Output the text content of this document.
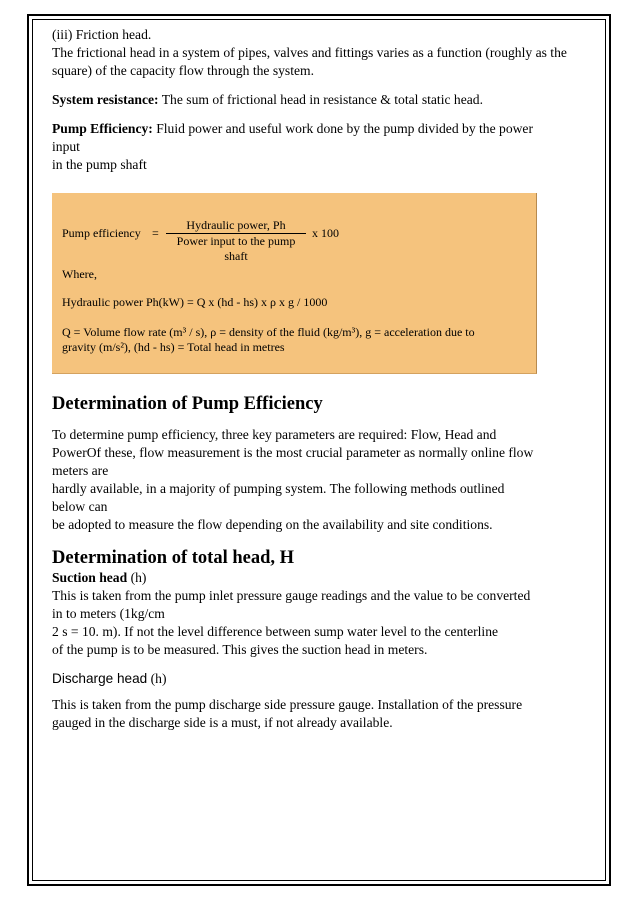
(iii) Friction head.

The frictional head in a system of pipes, valves and fittings varies as a function (roughly as the square) of the capacity flow through the system.

System resistance: The sum of frictional head in resistance & total static head.

Pump Efficiency: Fluid power and useful work done by the pump divided by the power

input

in the pump shaft

Pump efficiency =
Hydraulic power, Ph
Power input to the pump shaft
x 100
Where,
Hydraulic power Ph(kW) = Q x (hd - hs) x ρ x g / 1000
Q = Volume flow rate (m³ / s), ρ = density of the fluid (kg/m³), g = acceleration due to
gravity (m/s²), (hd - hs) = Total head in metres
Determination of Pump Efficiency

To determine pump efficiency, three key parameters are required: Flow, Head and

PowerOf these, flow measurement is the most crucial parameter as normally online flow

meters are

hardly available, in a majority of pumping system. The following methods outlined

below can

be adopted to measure the flow depending on the availability and site conditions.

Determination of total head, H

Suction head (h)

This is taken from the pump inlet pressure gauge readings and the value to be converted

in to meters (1kg/cm

2 s = 10. m). If not the level difference between sump water level to the centerline

of the pump is to be measured. This gives the suction head in meters.

Discharge head (h)

This is taken from the pump discharge side pressure gauge. Installation of the pressure

gauged in the discharge side is a must, if not already available.
